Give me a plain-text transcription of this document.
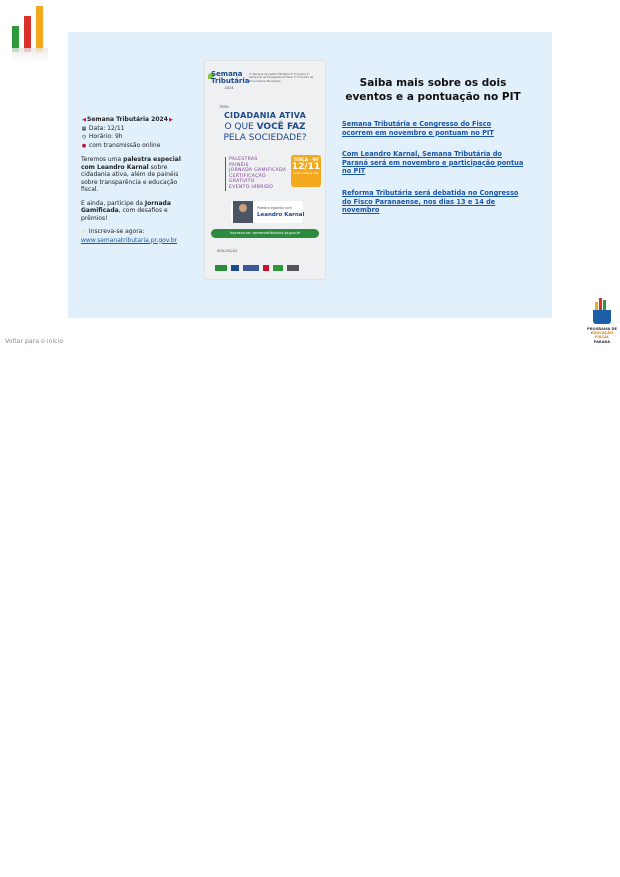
◀Semana Tributária 2024▶
▦ Data: 12/11
◷ Horário: 9h
● com transmissão online

Teremos uma palestra especial com Leandro Karnal sobre cidadania ativa, além de painéis sobre transparência e educação fiscal.

E ainda, participe da Jornada Gamificada, com desafios e prêmios!

☞ Inscreva-se agora:
www.semanatributaria.pr.gov.br

Semana
Tributária
2024
4º Semana da Justiça Tributária 3º Encontro 5º Seminário de Transparência Fiscal 3º Encontro de Procuradores Municipais
TEMA
CIDADANIA ATIVA
O QUE VOCÊ FAZ
PELA SOCIEDADE?
PALESTRAS
PAINÉIS
JORNADA GAMIFICADA
CERTIFICAÇÃO
GRATUITO
EVENTO HÍBRIDO
TERÇA · 9H
12/11
Local: Campus Fesp
Palestra especial com
Leandro Karnal
Inscreva-se: semanatributaria.pr.gov.br
REALIZAÇÃO
Saiba mais sobre os dois eventos e a pontuação no PIT
Semana Tributária e Congresso do Fisco ocorrem em novembro e pontuam no PIT
Com Leandro Karnal, Semana Tributária do Paraná será em novembro e participação pontua no PIT
Reforma Tributária será debatida no Congresso do Fisco Paranaense, nos dias 13 e 14 de novembro
Voltar para o início
PROGRAMA DE
EDUCAÇÃO
FISCAL
PARANÁ
